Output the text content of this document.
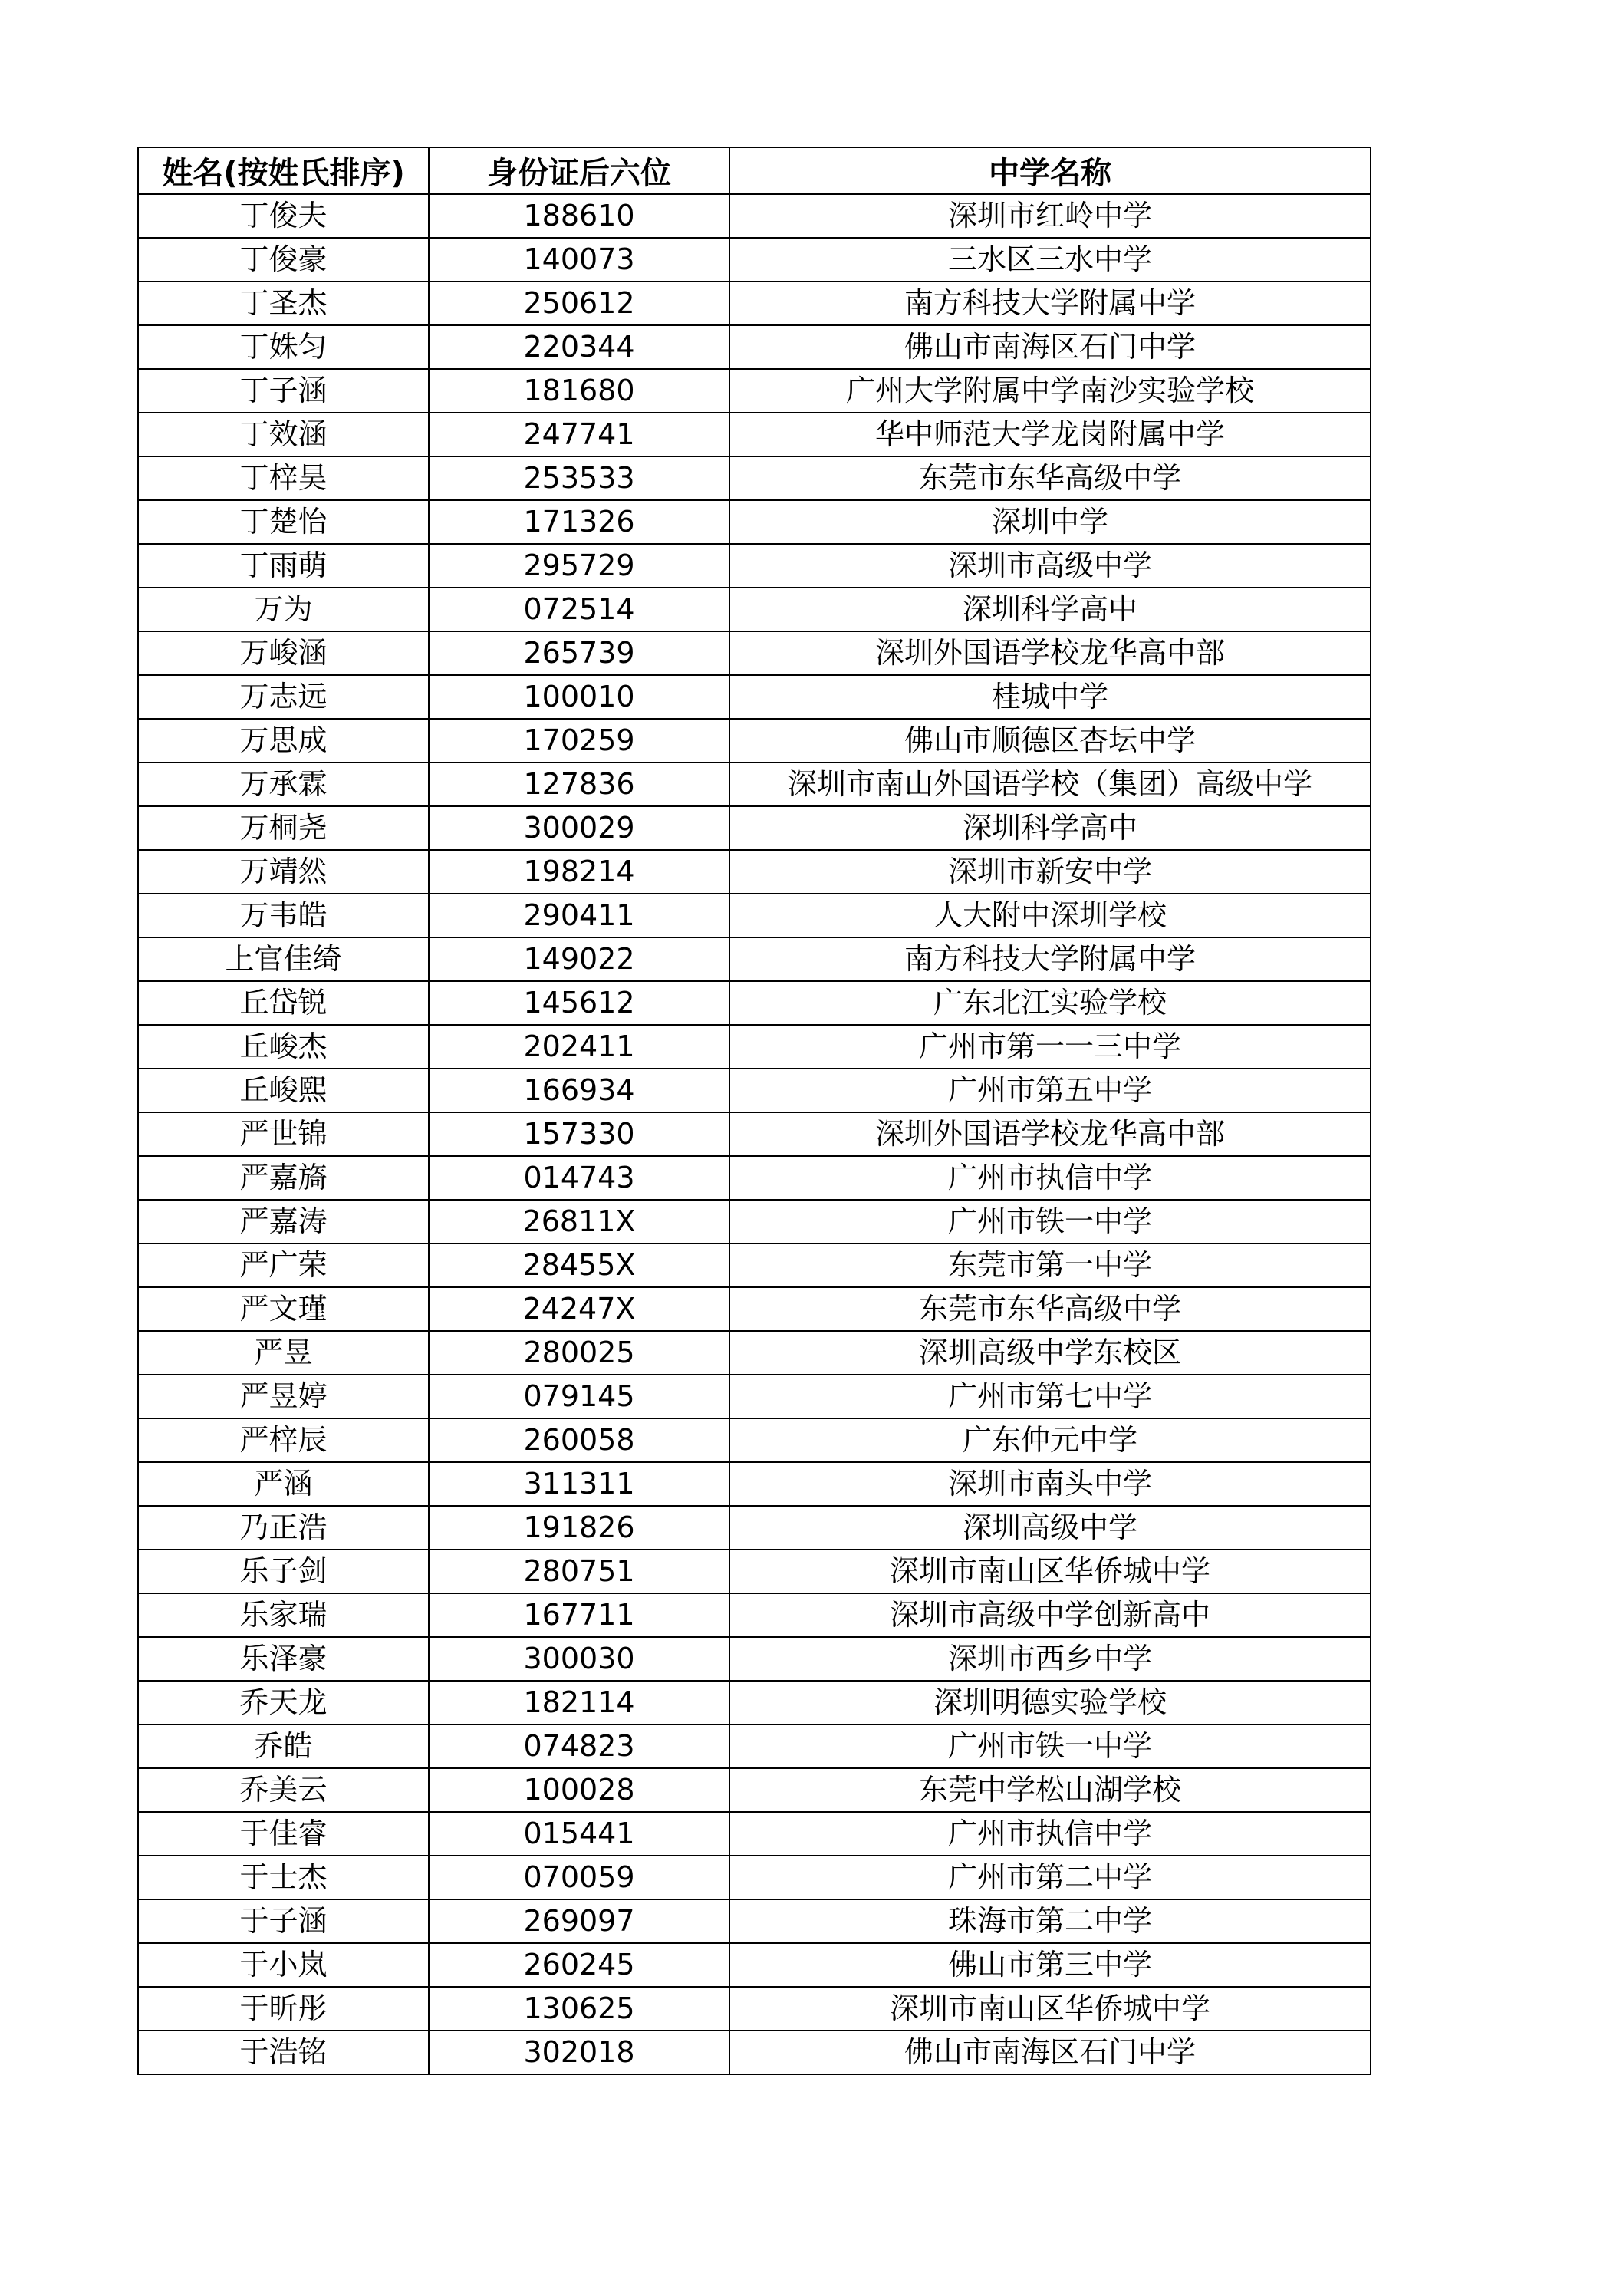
姓名(按姓氏排序)	身份证后六位	中学名称
丁俊夫	188610	深圳市红岭中学
丁俊豪	140073	三水区三水中学
丁圣杰	250612	南方科技大学附属中学
丁姝匀	220344	佛山市南海区石门中学
丁子涵	181680	广州大学附属中学南沙实验学校
丁效涵	247741	华中师范大学龙岗附属中学
丁梓昊	253533	东莞市东华高级中学
丁楚怡	171326	深圳中学
丁雨萌	295729	深圳市高级中学
万为	072514	深圳科学高中
万峻涵	265739	深圳外国语学校龙华高中部
万志远	100010	桂城中学
万思成	170259	佛山市顺德区杏坛中学
万承霖	127836	深圳市南山外国语学校（集团）高级中学
万桐尧	300029	深圳科学高中
万靖然	198214	深圳市新安中学
万韦皓	290411	人大附中深圳学校
上官佳绮	149022	南方科技大学附属中学
丘岱锐	145612	广东北江实验学校
丘峻杰	202411	广州市第一一三中学
丘峻熙	166934	广州市第五中学
严世锦	157330	深圳外国语学校龙华高中部
严嘉旖	014743	广州市执信中学
严嘉涛	26811X	广州市铁一中学
严广荣	28455X	东莞市第一中学
严文瑾	24247X	东莞市东华高级中学
严昱	280025	深圳高级中学东校区
严昱婷	079145	广州市第七中学
严梓辰	260058	广东仲元中学
严涵	311311	深圳市南头中学
乃正浩	191826	深圳高级中学
乐子剑	280751	深圳市南山区华侨城中学
乐家瑞	167711	深圳市高级中学创新高中
乐泽豪	300030	深圳市西乡中学
乔天龙	182114	深圳明德实验学校
乔皓	074823	广州市铁一中学
乔美云	100028	东莞中学松山湖学校
于佳睿	015441	广州市执信中学
于士杰	070059	广州市第二中学
于子涵	269097	珠海市第二中学
于小岚	260245	佛山市第三中学
于昕彤	130625	深圳市南山区华侨城中学
于浩铭	302018	佛山市南海区石门中学
